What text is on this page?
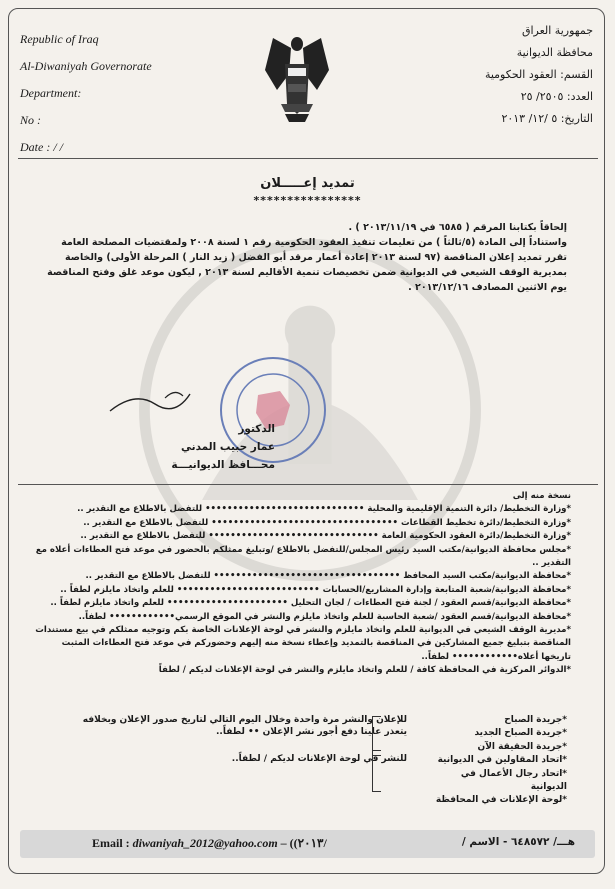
Republic of Iraq
Al-Diwaniyah Governorate
Department:
No :
Date : / /
جمهورية العراق
محافظة الديوانية
القسم: العقود الحكومية
العدد: ٢٥٠٥/ ٢٥
التاريخ: ٥ /١٢/ ٢٠١٣
تمديد إعـــــلان
****************

إلحاقاً بكتابنا المرقم ( ٦٥٨٥ في ٢٠١٣/١١/١٩ ) .

واستناداً إلى المادة (٥/ثالثاً ) من تعليمات تنفيذ العقود الحكومية رقم ١ لسنة ٢٠٠٨ ولمقتضيات المصلحة العامة تقرر تمديد إعلان المناقصة (٩٧ لسنة ٢٠١٣ إعادة أعمار مرقد أبو الفضل ( زيد النار ) المرحلة الأولى) والخاصة بمديرية الوقف الشيعي في الديوانية ضمن تخصيصات تنمية الأقاليم لسنة ٢٠١٣ , ليكون موعد غلق وفتح المناقصة يوم الاثنين المصادف ٢٠١٣/١٢/١٦ .

الدكتور
عمار حبيب المدني
محـــافظ الديوانيـــة
نسخة منه إلى
*وزارة التخطيط/ دائرة التنمية الإقليمية والمحلية ••••••••••••••••••••••••••••• للتفضل بالاطلاع مع التقدير ..
*وزارة التخطيط/دائرة تخطيط القطاعات •••••••••••••••••••••••••••••••••• للتفضل بالاطلاع مع التقدير ..
*وزارة التخطيط/دائرة العقود الحكومية العامة ••••••••••••••••••••••••••••••• للتفضل بالاطلاع مع التقدير ..
*مجلس محافظة الديوانية/مكتب السيد رئيس المجلس/للتفضل بالاطلاع /وتبليغ ممثلكم بالحضور في موعد فتح العطاءات أعلاه مع التقدير ..
*محافظة الديوانية/مكتب السيد المحافظ •••••••••••••••••••••••••••••••••• للتفضل بالاطلاع مع التقدير ..
*محافظة الديوانية/شعبة المتابعة وإدارة المشاريع/الحسابات •••••••••••••••••••••••••• للعلم واتخاذ مايلزم لطفاً ..
*محافظة الديوانية/قسم العقود / لجنة فتح العطاءات / لجان التحليل •••••••••••••••••••••• للعلم واتخاذ مايلزم لطفاً ..
*محافظة الديوانية/قسم العقود /شعبة الحاسبة للعلم واتخاذ مايلزم والنشر في الموقع الرسمي•••••••••••• لطفاً..
*مديرية الوقف الشيعي في الديوانية للعلم واتخاذ مايلزم والنشر في لوحة الإعلانات الخاصة بكم وتوجيه ممثلكم في بيع مستندات المناقصة بتبليغ جميع المشاركين في المناقصة بالتمديد وإعطاء نسخة منه إليهم وحضوركم في موعد فتح العطاءات المثبت تاريخها أعلاه•••••••••••• لطفاً..
*الدوائر المركزية في المحافظة كافة / للعلم واتخاذ مايلزم والنشر في لوحة الإعلانات لديكم / لطفاً
*جريدة الصباح
*جريدة الصباح الجديد
*جريدة الحقيقة الآن
*اتحاد المقاولين في الديوانية
*اتحاد رجال الأعمال في الديوانية
*لوحة الإعلانات في المحافظة
للإعلان والنشر مرة واحدة وخلال اليوم التالي لتاريخ صدور الإعلان وبخلافه يتعذر علينا دفع أجور نشر الإعلان •• لطفاً..
للنشر في لوحة الإعلانات لديكم / لطفاً..
Email : diwaniyah_2012@yahoo.com – ((٢٠١٣/	هـــ/ ٦٤٨٥٧٢ - الاسم /
